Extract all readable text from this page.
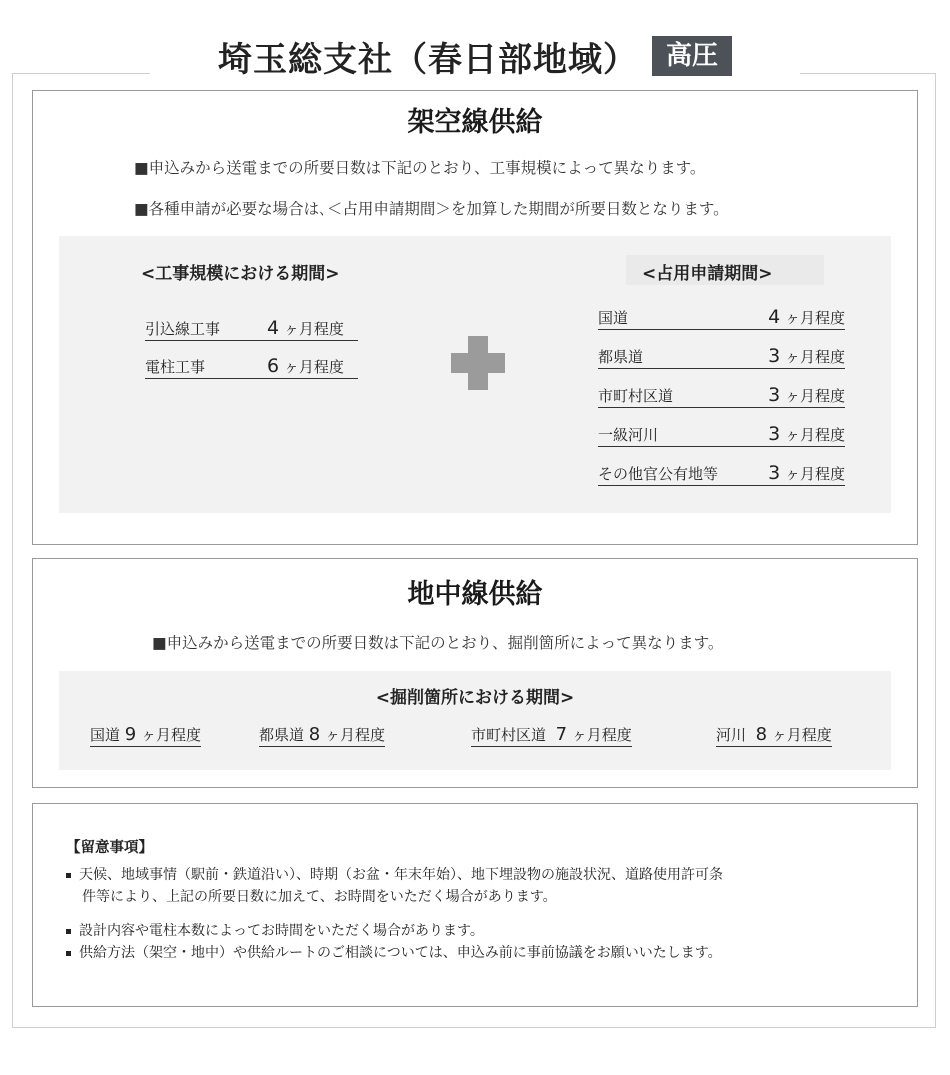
埼玉総支社（春日部地域）	高圧
架空線供給
■申込みから送電までの所要日数は下記のとおり、工事規模によって異なります。
■各種申請が必要な場合は､＜占用申請期間＞を加算した期間が所要日数となります。
<工事規模における期間>	<占用申請期間>
引込線工事 4 ヶ月程度
電柱工事	6 ヶ月程度
国道	4 ヶ月程度
都県道	3 ヶ月程度
市町村区道	3 ヶ月程度
一級河川	3 ヶ月程度
その他官公有地等	3 ヶ月程度
地中線供給
■申込みから送電までの所要日数は下記のとおり、掘削箇所によって異なります。
<掘削箇所における期間>
国道 9 ヶ月程度	都県道 8 ヶ月程度	市町村区道 7 ヶ月程度	河川 8 ヶ月程度
【留意事項】
天候、地域事情（駅前・鉄道沿い）、時期（お盆・年末年始）、地下埋設物の施設状況、道路使用許可条
件等により、上記の所要日数に加えて、お時間をいただく場合があります。
設計内容や電柱本数によってお時間をいただく場合があります。
供給方法（架空・地中）や供給ルートのご相談については、申込み前に事前協議をお願いいたします。
